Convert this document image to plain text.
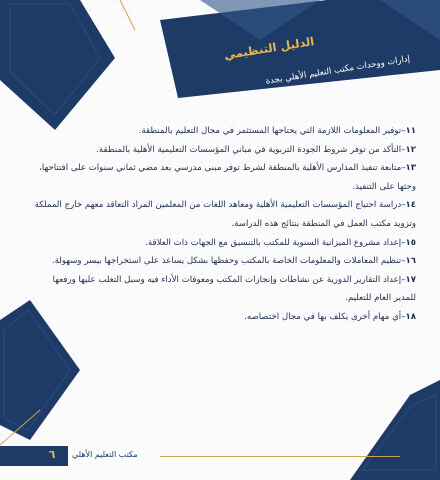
الدليل التنظيمي
إدارات ووحدات مكتب التعليم الأهلي بجدة
١١–توفير المعلومات اللازمة التي يحتاجها المستثمر في مجال التعليم بالمنطقة.
١٢–التأكد من توفر شروط الجودة التربوية في مباني المؤسسات التعليمية الأهلية بالمنطقة.
١٣–متابعة تنفيذ المدارس الأهلية بالمنطقة لشرط توفر مبنى مدرسي بعد مضي ثماني سنوات على افتتاحها، وحثها على التنفيذ.
١٤–دراسة احتياج المؤسسات التعليمية الأهلية ومعاهد اللغات من المعلمين المراد التعاقد معهم خارج المملكة وتزويد مكتب العمل في المنطقة بنتائج هذه الدراسة.
١٥–إعداد مشروع الميزانية السنوية للمكتب بالتنسيق مع الجهات ذات العلاقة.
١٦–تنظيم المعاملات والمعلومات الخاصة بالمكتب وحفظها بشكل يساعد على استخراجها بيسر وسهولة.
١٧–إعداد التقارير الدورية عن نشاطات وإنجازات المكتب ومعوقات الأداء فيه وسبل التغلب عليها ورفعها للمدير العام للتعليم.
١٨–أي مهام أخرى يكلف بها في مجال اختصاصه.
٦	مكتب التعليم الأهلي
